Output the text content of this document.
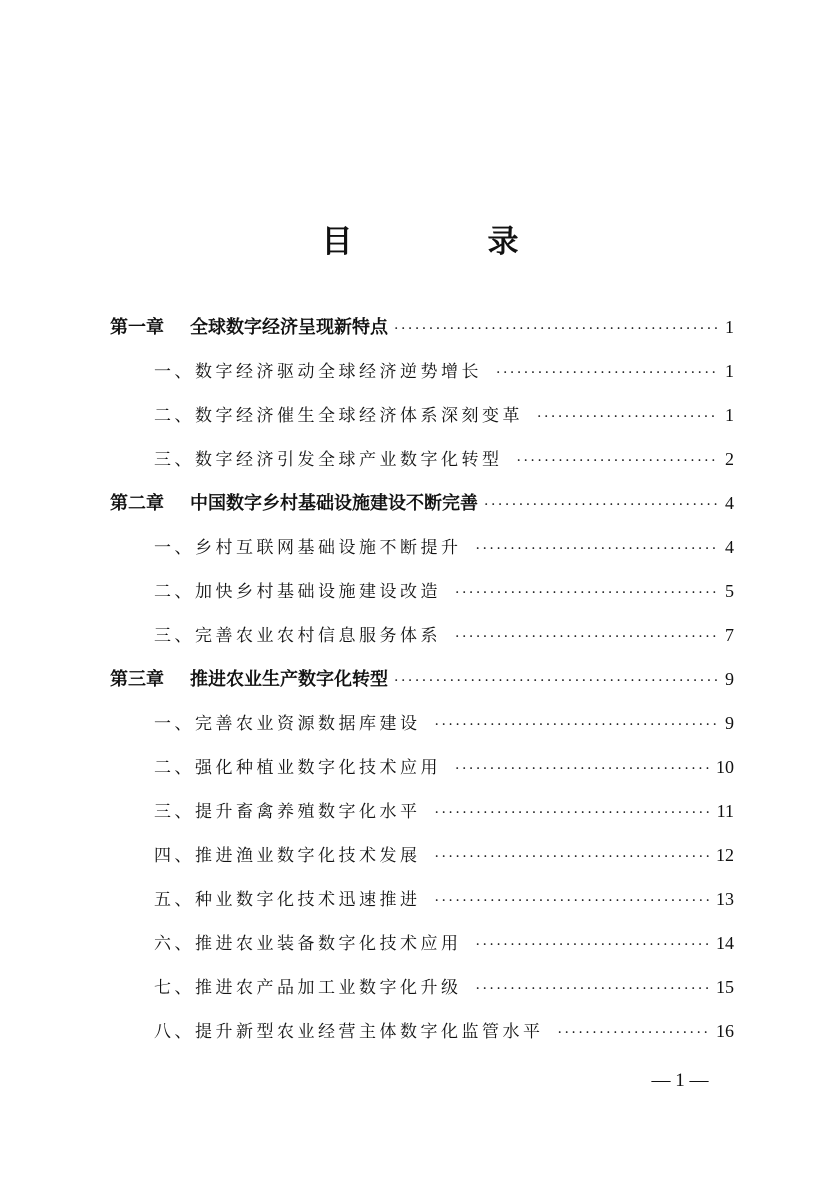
目　录
第一章 全球数字经济呈现新特点 ·····	1
一、数字经济驱动全球经济逆势增长 ·····	1
二、数字经济催生全球经济体系深刻变革 ·····	1
三、数字经济引发全球产业数字化转型 ·····	2
第二章 中国数字乡村基础设施建设不断完善 ·····	4
一、乡村互联网基础设施不断提升 ·····	4
二、加快乡村基础设施建设改造 ·····	5
三、完善农业农村信息服务体系 ·····	7
第三章 推进农业生产数字化转型 ·····	9
一、完善农业资源数据库建设 ·····	9
二、强化种植业数字化技术应用 ·····	10
三、提升畜禽养殖数字化水平 ·····	11
四、推进渔业数字化技术发展 ·····	12
五、种业数字化技术迅速推进 ·····	13
六、推进农业装备数字化技术应用 ·····	14
七、推进农产品加工业数字化升级 ·····	15
八、提升新型农业经营主体数字化监管水平 ·····	16
— 1 —
